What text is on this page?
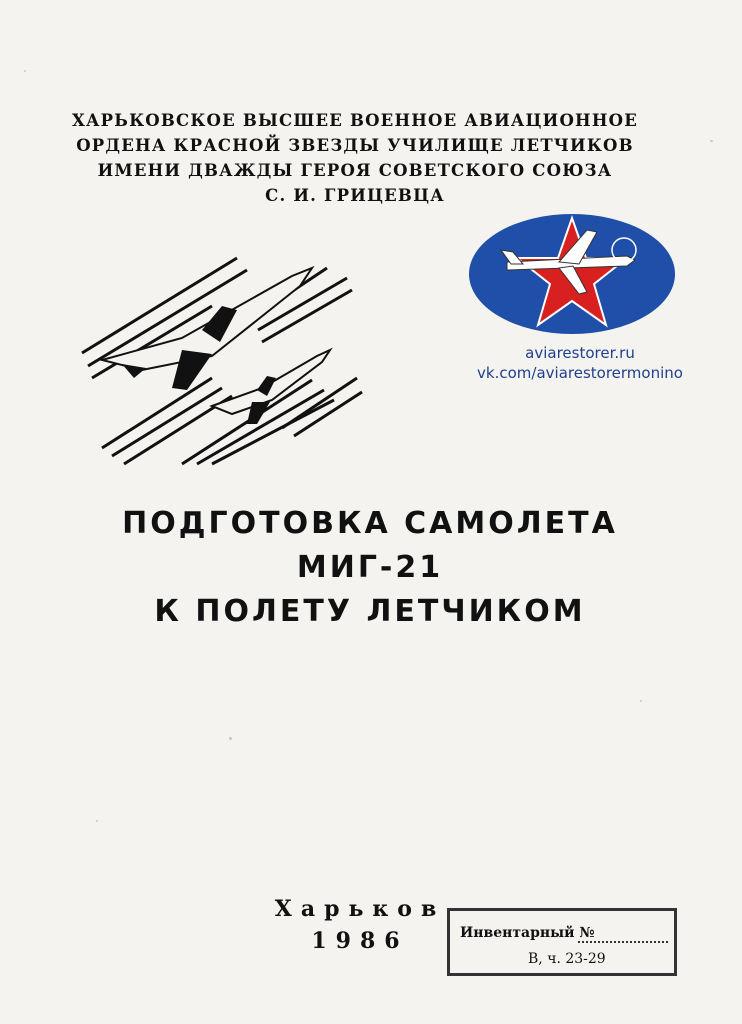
ХАРЬКОВСКОЕ ВЫСШЕЕ ВОЕННОЕ АВИАЦИОННОЕ
ОРДЕНА КРАСНОЙ ЗВЕЗДЫ УЧИЛИЩЕ ЛЕТЧИКОВ
ИМЕНИ ДВАЖДЫ ГЕРОЯ СОВЕТСКОГО СОЮЗА
С. И. ГРИЦЕВЦА
aviarestorer.ru
vk.com/aviarestorermonino
ПОДГОТОВКА САМОЛЕТА
МИГ-21
К ПОЛЕТУ ЛЕТЧИКОМ
Харьков
1986	Инвентарный №
В, ч. 23-29
